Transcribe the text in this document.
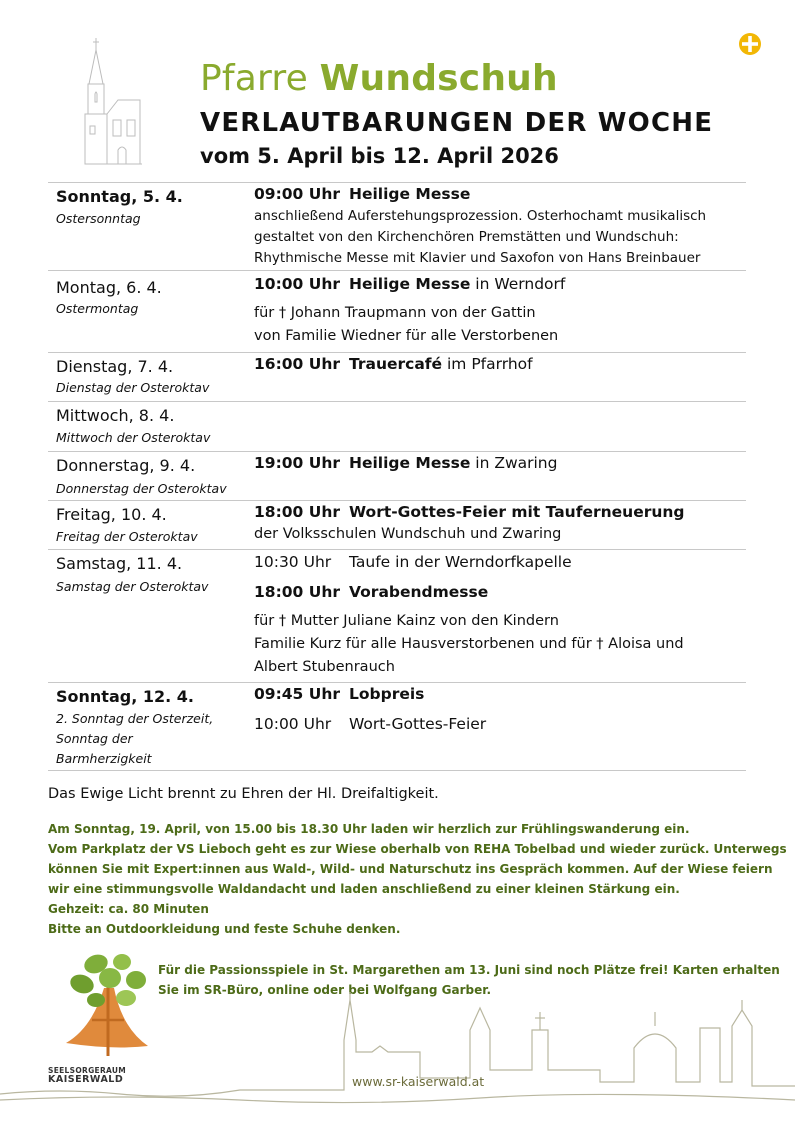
Pfarre Wundschuh
VERLAUTBARUNGEN DER WOCHE
vom 5. April bis 12. April 2026
Sonntag, 5. 4.
Ostersonntag
09:00 Uhr Heilige Messe
anschließend Auferstehungsprozession. Osterhochamt musikalisch
gestaltet von den Kirchenchören Premstätten und Wundschuh:
Rhythmische Messe mit Klavier und Saxofon von Hans Breinbauer
Montag, 6. 4.
Ostermontag
10:00 Uhr Heilige Messe in Werndorf
für † Johann Traupmann von der Gattin
von Familie Wiedner für alle Verstorbenen
Dienstag, 7. 4.
Dienstag der Osteroktav
16:00 Uhr Trauercafé im Pfarrhof
Mittwoch, 8. 4.
Mittwoch der Osteroktav
Donnerstag, 9. 4.
Donnerstag der Osteroktav
19:00 Uhr Heilige Messe in Zwaring
Freitag, 10. 4.
Freitag der Osteroktav
18:00 Uhr Wort-Gottes-Feier mit Tauferneuerung
der Volksschulen Wundschuh und Zwaring
Samstag, 11. 4.
Samstag der Osteroktav
10:30 Uhr Taufe in der Werndorfkapelle
18:00 Uhr Vorabendmesse
für † Mutter Juliane Kainz von den Kindern
Familie Kurz für alle Hausverstorbenen und für † Aloisa und
Albert Stubenrauch
Sonntag, 12. 4.
2. Sonntag der Osterzeit,
Sonntag der
Barmherzigkeit
09:45 Uhr Lobpreis
10:00 Uhr Wort-Gottes-Feier
Das Ewige Licht brennt zu Ehren der Hl. Dreifaltigkeit.
Am Sonntag, 19. April, von 15.00 bis 18.30 Uhr laden wir herzlich zur Frühlingswanderung ein.
Vom Parkplatz der VS Lieboch geht es zur Wiese oberhalb von REHA Tobelbad und wieder zurück. Unterwegs
können Sie mit Expert:innen aus Wald-, Wild- und Naturschutz ins Gespräch kommen. Auf der Wiese feiern
wir eine stimmungsvolle Waldandacht und laden anschließend zu einer kleinen Stärkung ein.
Gehzeit: ca. 80 Minuten
Bitte an Outdoorkleidung und feste Schuhe denken.
Für die Passionsspiele in St. Margarethen am 13. Juni sind noch Plätze frei! Karten erhalten
Sie im SR-Büro, online oder bei Wolfgang Garber.
SEELSORGERAUM
KAISERWALD	www.sr-kaiserwald.at
